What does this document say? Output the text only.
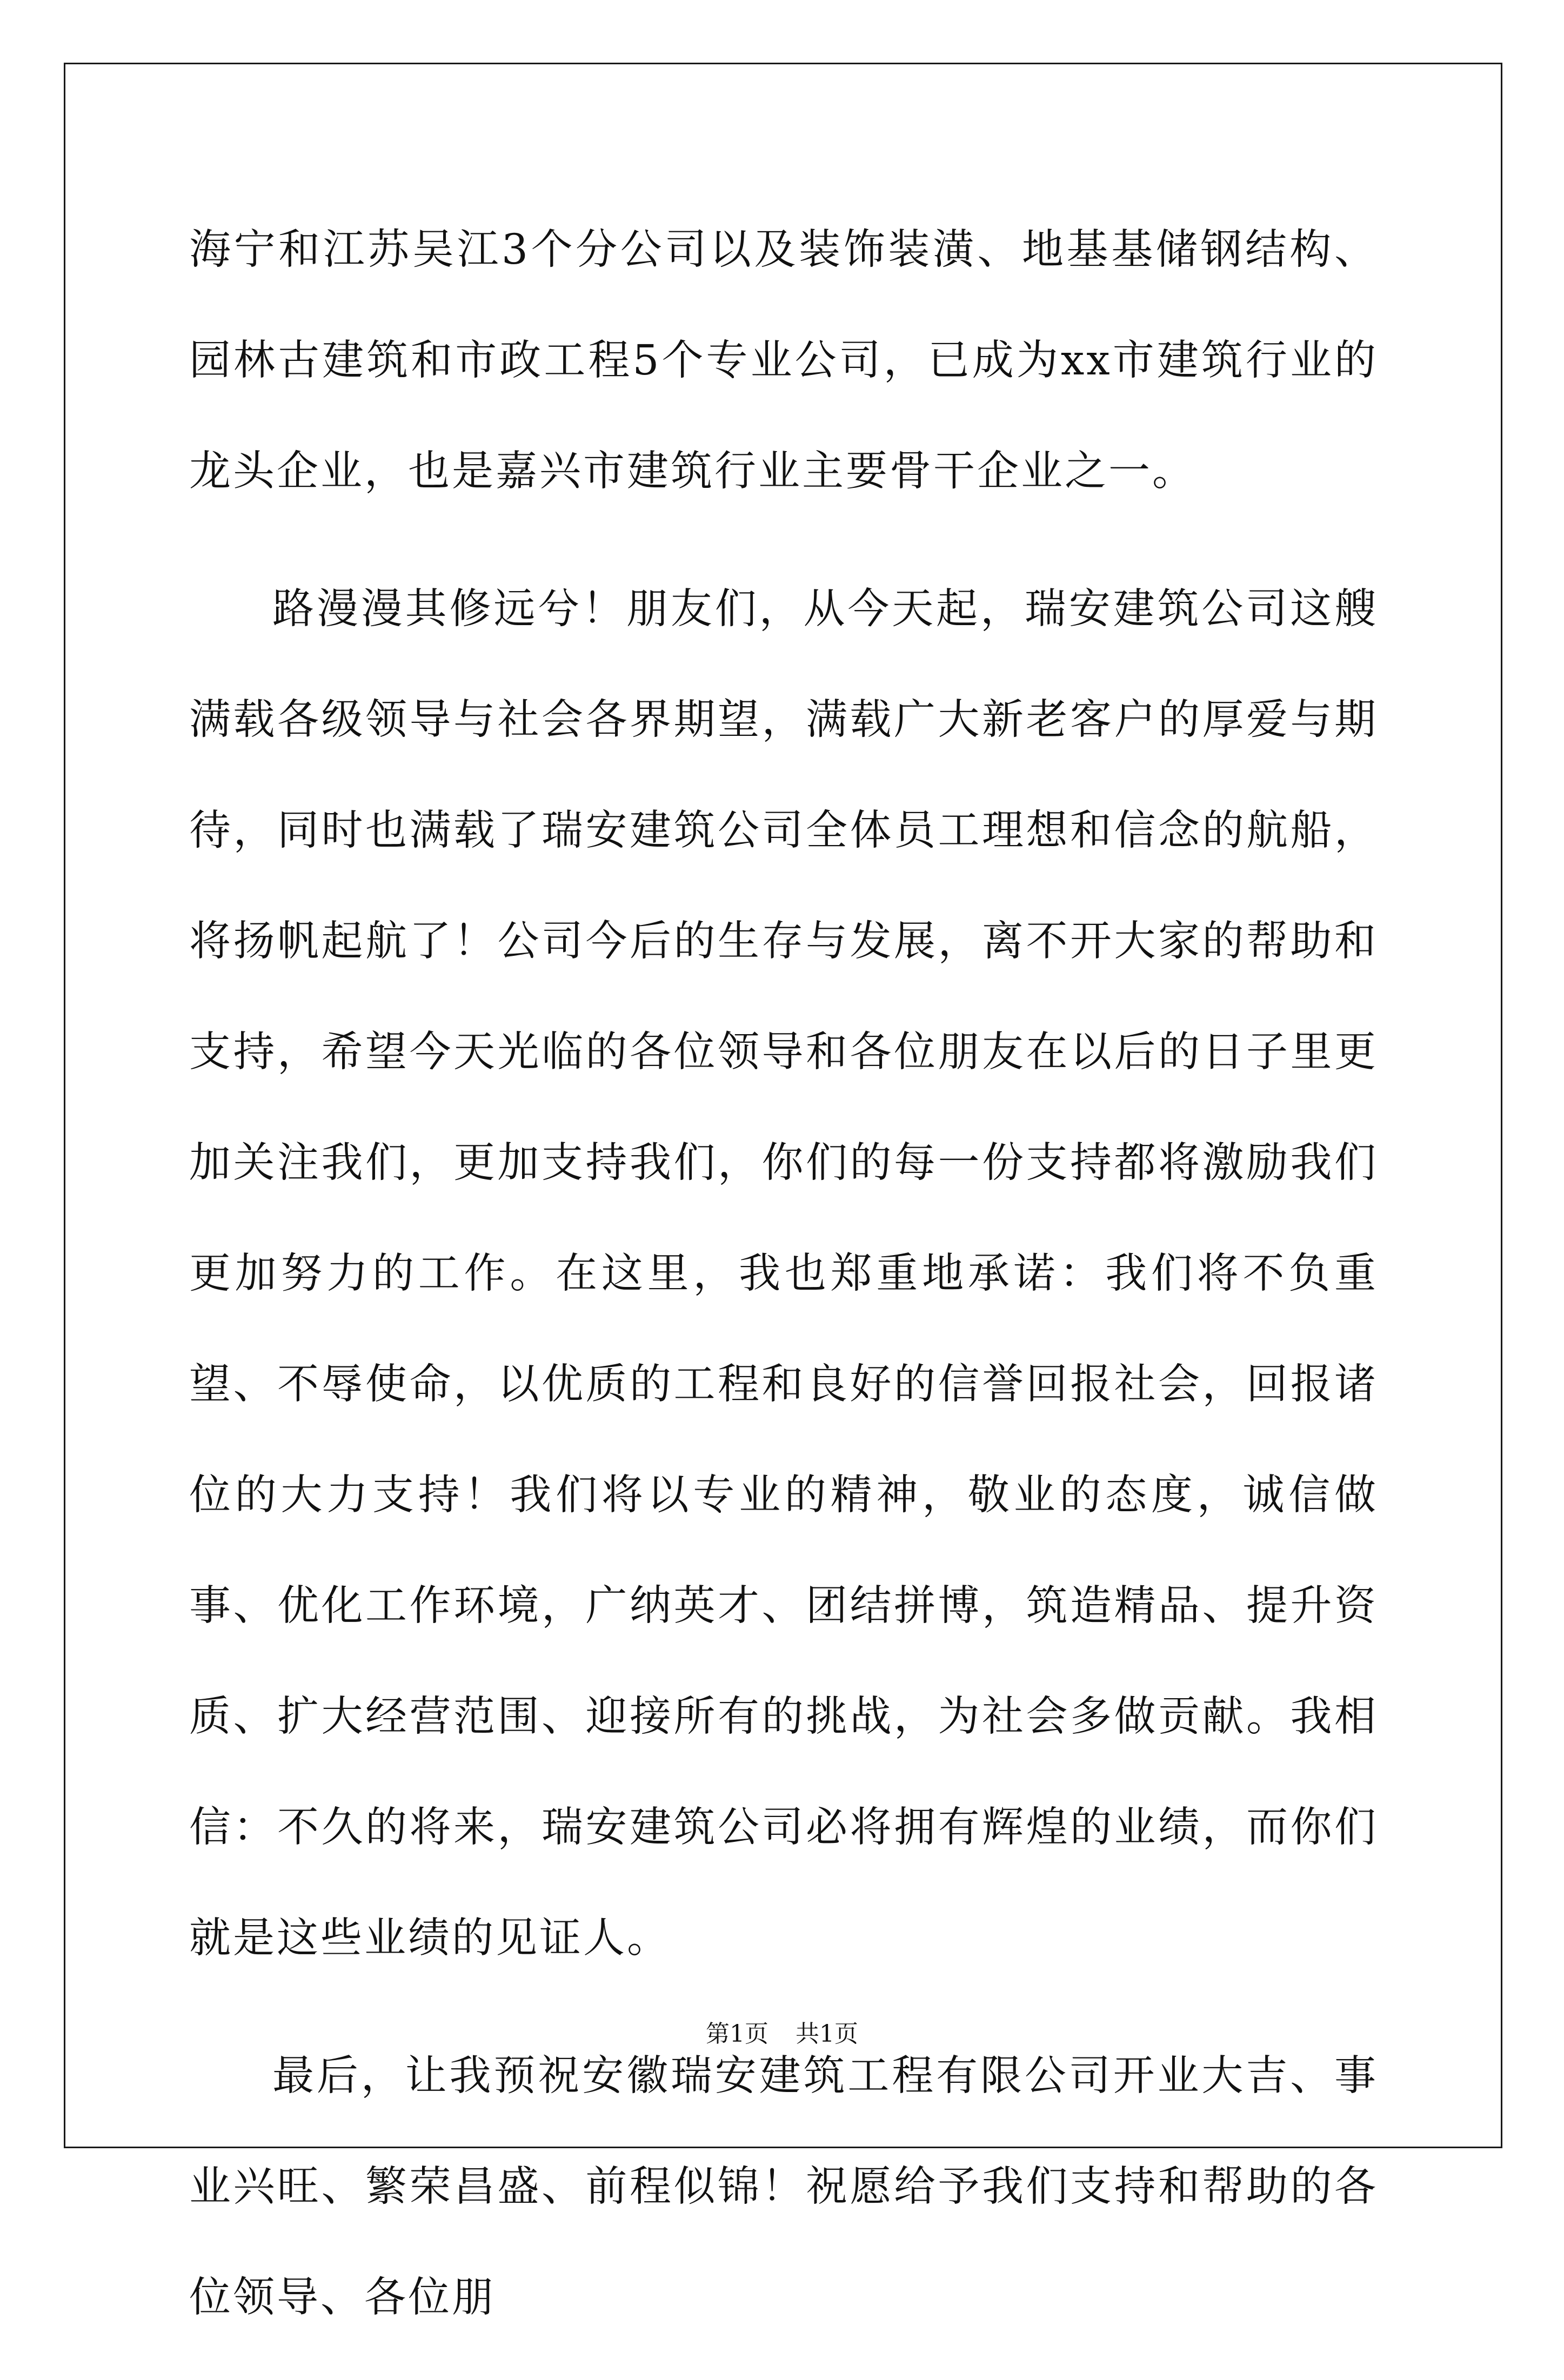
海宁和江苏吴江3个分公司以及装饰装潢、地基基储钢结构、园林古建筑和市政工程5个专业公司，已成为xx市建筑行业的龙头企业，也是嘉兴市建筑行业主要骨干企业之一。

路漫漫其修远兮！朋友们，从今天起，瑞安建筑公司这艘满载各级领导与社会各界期望，满载广大新老客户的厚爱与期待，同时也满载了瑞安建筑公司全体员工理想和信念的航船，将扬帆起航了！公司今后的生存与发展，离不开大家的帮助和支持，希望今天光临的各位领导和各位朋友在以后的日子里更加关注我们，更加支持我们，你们的每一份支持都将激励我们更加努力的工作。在这里，我也郑重地承诺：我们将不负重望、不辱使命，以优质的工程和良好的信誉回报社会，回报诸位的大力支持！我们将以专业的精神，敬业的态度，诚信做事、优化工作环境，广纳英才、团结拼博，筑造精品、提升资质、扩大经营范围、迎接所有的挑战，为社会多做贡献。我相信：不久的将来，瑞安建筑公司必将拥有辉煌的业绩，而你们就是这些业绩的见证人。

最后，让我预祝安徽瑞安建筑工程有限公司开业大吉、事业兴旺、繁荣昌盛、前程似锦！祝愿给予我们支持和帮助的各位领导、各位朋

第1页 共1页
